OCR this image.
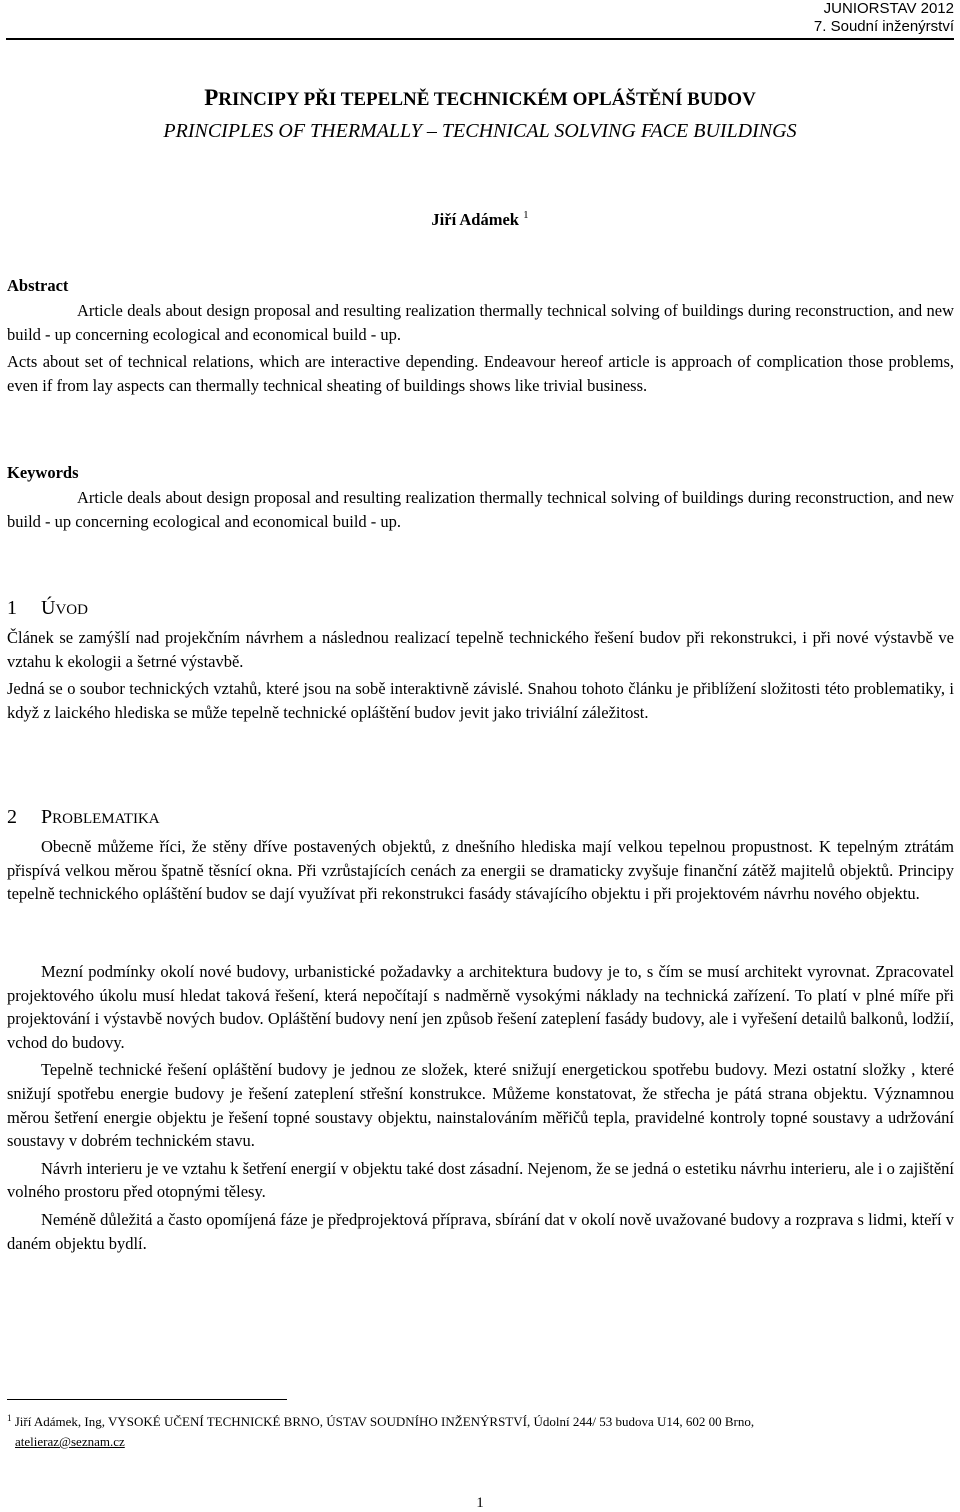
JUNIORSTAV 2012
7. Soudní inženýrství
PRINCIPY PŘI TEPELNĚ TECHNICKÉM OPLÁŠTĚNÍ BUDOV
PRINCIPLES OF THERMALLY – TECHNICAL SOLVING FACE BUILDINGS
Jiří Adámek $^1$
Abstract

Article deals about design proposal and resulting realization thermally technical solving of buildings during reconstruction, and new build - up concerning ecological and economical build - up.

Acts about set of technical relations, which are interactive depending. Endeavour hereof article is approach of complication those problems, even if from lay aspects can thermally technical sheating of buildings shows like trivial business.

Keywords

Article deals about design proposal and resulting realization thermally technical solving of buildings during reconstruction, and new build - up concerning ecological and economical build - up.

1 ÚVOD

Článek se zamýšlí nad projekčním návrhem a následnou realizací tepelně technického řešení budov při rekonstrukci, i při nové výstavbě ve vztahu k ekologii a šetrné výstavbě.

Jedná se o soubor technických vztahů, které jsou na sobě interaktivně závislé. Snahou tohoto článku je přiblížení složitosti této problematiky, i když z laického hlediska se může tepelně technické opláštění budov jevit jako triviální záležitost.

2 PROBLEMATIKA

Obecně můžeme říci, že stěny dříve postavených objektů, z dnešního hlediska mají velkou tepelnou propustnost. K tepelným ztrátám přispívá velkou měrou špatně těsnící okna. Při vzrůstajících cenách za energii se dramaticky zvyšuje finanční zátěž majitelů objektů. Principy tepelně technického opláštění budov se dají využívat při rekonstrukci fasády stávajícího objektu i při projektovém návrhu nového objektu.

Mezní podmínky okolí nové budovy, urbanistické požadavky a architektura budovy je to, s čím se musí architekt vyrovnat. Zpracovatel projektového úkolu musí hledat taková řešení, která nepočítají s nadměrně vysokými náklady na technická zařízení. To platí v plné míře při projektování i výstavbě nových budov. Opláštění budovy není jen způsob řešení zateplení fasády budovy, ale i vyřešení detailů balkonů, lodžií, vchod do budovy.

Tepelně technické řešení opláštění budovy je jednou ze složek, které snižují energetickou spotřebu budovy. Mezi ostatní složky , které snižují spotřebu energie budovy je řešení zateplení střešní konstrukce. Můžeme konstatovat, že střecha je pátá strana objektu. Významnou měrou šetření energie objektu je řešení topné soustavy objektu, nainstalováním měřičů tepla, pravidelné kontroly topné soustavy a udržování soustavy v dobrém technickém stavu.

Návrh interieru je ve vztahu k šetření energií v objektu také dost zásadní. Nejenom, že se jedná o estetiku návrhu interieru, ale i o zajištění volného prostoru před otopnými tělesy.

Neméně důležitá a často opomíjená fáze je předprojektová příprava, sbírání dat v okolí nově uvažované budovy a rozprava s lidmi, kteří v daném objektu bydlí.

$^1$ Jiří Adámek, Ing, VYSOKÉ UČENÍ TECHNICKÉ BRNO, ÚSTAV SOUDNÍHO INŽENÝRSTVÍ, Údolní 244/ 53 budova U14, 602 00 Brno,
atelieraz@seznam.cz
1
